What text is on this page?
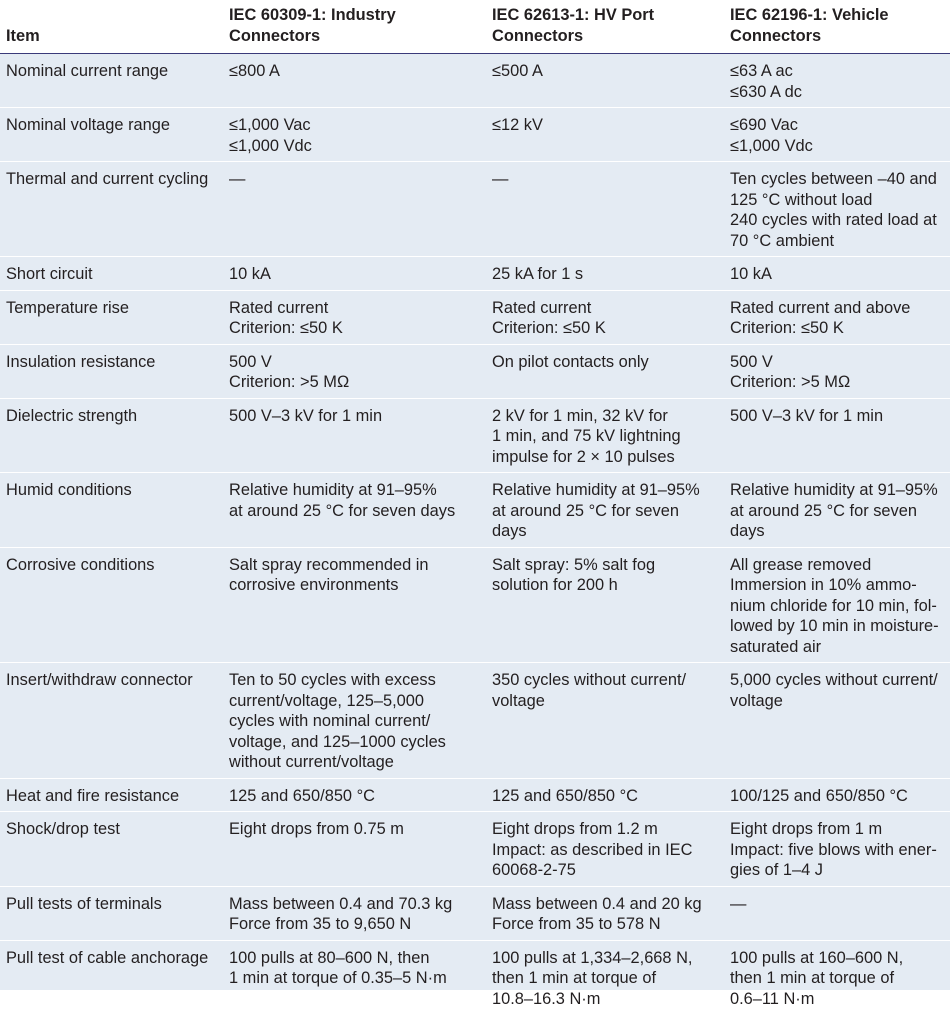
Item	IEC 60309-1: Industry
Connectors	IEC 62613-1: HV Port
Connectors	IEC 62196-1: Vehicle
Connectors

Nominal current range	≤800 A	≤500 A	≤63 A ac
≤630 A dc

Nominal voltage range	≤1,000 Vac
≤1,000 Vdc	≤12 kV	≤690 Vac
≤1,000 Vdc

Thermal and current cycling	—	—	Ten cycles between –40 and
125 °C without load
240 cycles with rated load at
70 °C ambient

Short circuit	10 kA	25 kA for 1 s	10 kA

Temperature rise	Rated current
Criterion: ≤50 K	Rated current
Criterion: ≤50 K	Rated current and above
Criterion: ≤50 K

Insulation resistance	500 V
Criterion: >5 MΩ	On pilot contacts only	500 V
Criterion: >5 MΩ

Dielectric strength	500 V–3 kV for 1 min	2 kV for 1 min, 32 kV for
1 min, and 75 kV lightning
impulse for 2 × 10 pulses	500 V–3 kV for 1 min

Humid conditions	Relative humidity at 91–95%
at around 25 °C for seven days	Relative humidity at 91–95%
at around 25 °C for seven
days	Relative humidity at 91–95%
at around 25 °C for seven
days

Corrosive conditions	Salt spray recommended in
corrosive environments	Salt spray: 5% salt fog
solution for 200 h	All grease removed
Immersion in 10% ammo-
nium chloride for 10 min, fol-
lowed by 10 min in moisture-
saturated air

Insert/withdraw connector	Ten to 50 cycles with excess
current/voltage, 125–5,000
cycles with nominal current/
voltage, and 125–1000 cycles
without current/voltage	350 cycles without current/
voltage	5,000 cycles without current/
voltage

Heat and fire resistance	125 and 650/850 °C	125 and 650/850 °C	100/125 and 650/850 °C

Shock/drop test	Eight drops from 0.75 m	Eight drops from 1.2 m
Impact: as described in IEC
60068-2-75	Eight drops from 1 m
Impact: five blows with ener-
gies of 1–4 J

Pull tests of terminals	Mass between 0.4 and 70.3 kg
Force from 35 to 9,650 N	Mass between 0.4 and 20 kg
Force from 35 to 578 N	—

Pull test of cable anchorage	100 pulls at 80–600 N, then
1 min at torque of 0.35–5 N·m	100 pulls at 1,334–2,668 N,
then 1 min at torque of
10.8–16.3 N·m	100 pulls at 160–600 N,
then 1 min at torque of
0.6–11 N·m
